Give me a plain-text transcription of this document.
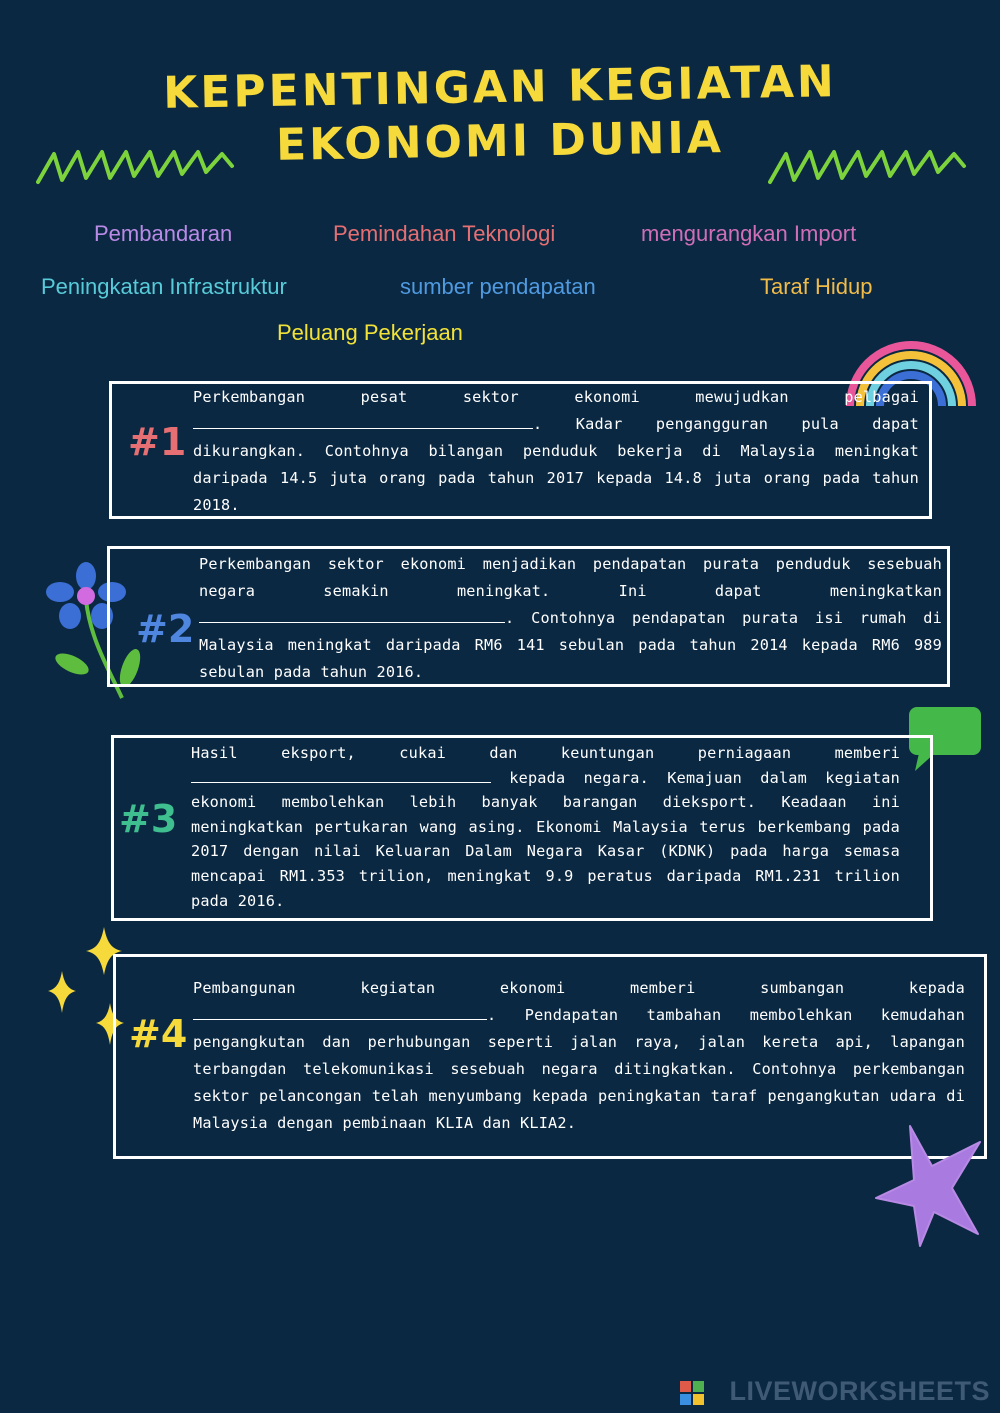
KEPENTINGAN KEGIATAN
EKONOMI DUNIA
Pembandaran	Pemindahan Teknologi	mengurangkan Import
Peningkatan Infrastruktur	sumber pendapatan	Taraf Hidup
Peluang Pekerjaan
#1
Perkembangan pesat sektor ekonomi mewujudkan pelbagai . Kadar pengangguran pula dapat dikurangkan. Contohnya bilangan penduduk bekerja di Malaysia meningkat daripada 14.5 juta orang pada tahun 2017 kepada 14.8 juta orang pada tahun 2018.
#2
Perkembangan sektor ekonomi menjadikan pendapatan purata penduduk sesebuah negara semakin meningkat. Ini dapat meningkatkan . Contohnya pendapatan purata isi rumah di Malaysia meningkat daripada RM6 141 sebulan pada tahun 2014 kepada RM6 989 sebulan pada tahun 2016.
#3
Hasil eksport, cukai dan keuntungan perniagaan memberi  kepada negara. Kemajuan dalam kegiatan ekonomi membolehkan lebih banyak barangan dieksport. Keadaan ini meningkatkan pertukaran wang asing. Ekonomi Malaysia terus berkembang pada 2017 dengan nilai Keluaran Dalam Negara Kasar (KDNK) pada harga semasa mencapai RM1.353 trilion, meningkat 9.9 peratus daripada RM1.231 trilion pada 2016.
#4
Pembangunan kegiatan ekonomi memberi sumbangan kepada . Pendapatan tambahan membolehkan kemudahan pengangkutan dan perhubungan seperti jalan raya, jalan kereta api, lapangan terbangdan telekomunikasi sesebuah negara ditingkatkan. Contohnya perkembangan sektor pelancongan telah menyumbang kepada peningkatan taraf pengangkutan udara di Malaysia dengan pembinaan KLIA dan KLIA2.
LIVEWORKSHEETS
